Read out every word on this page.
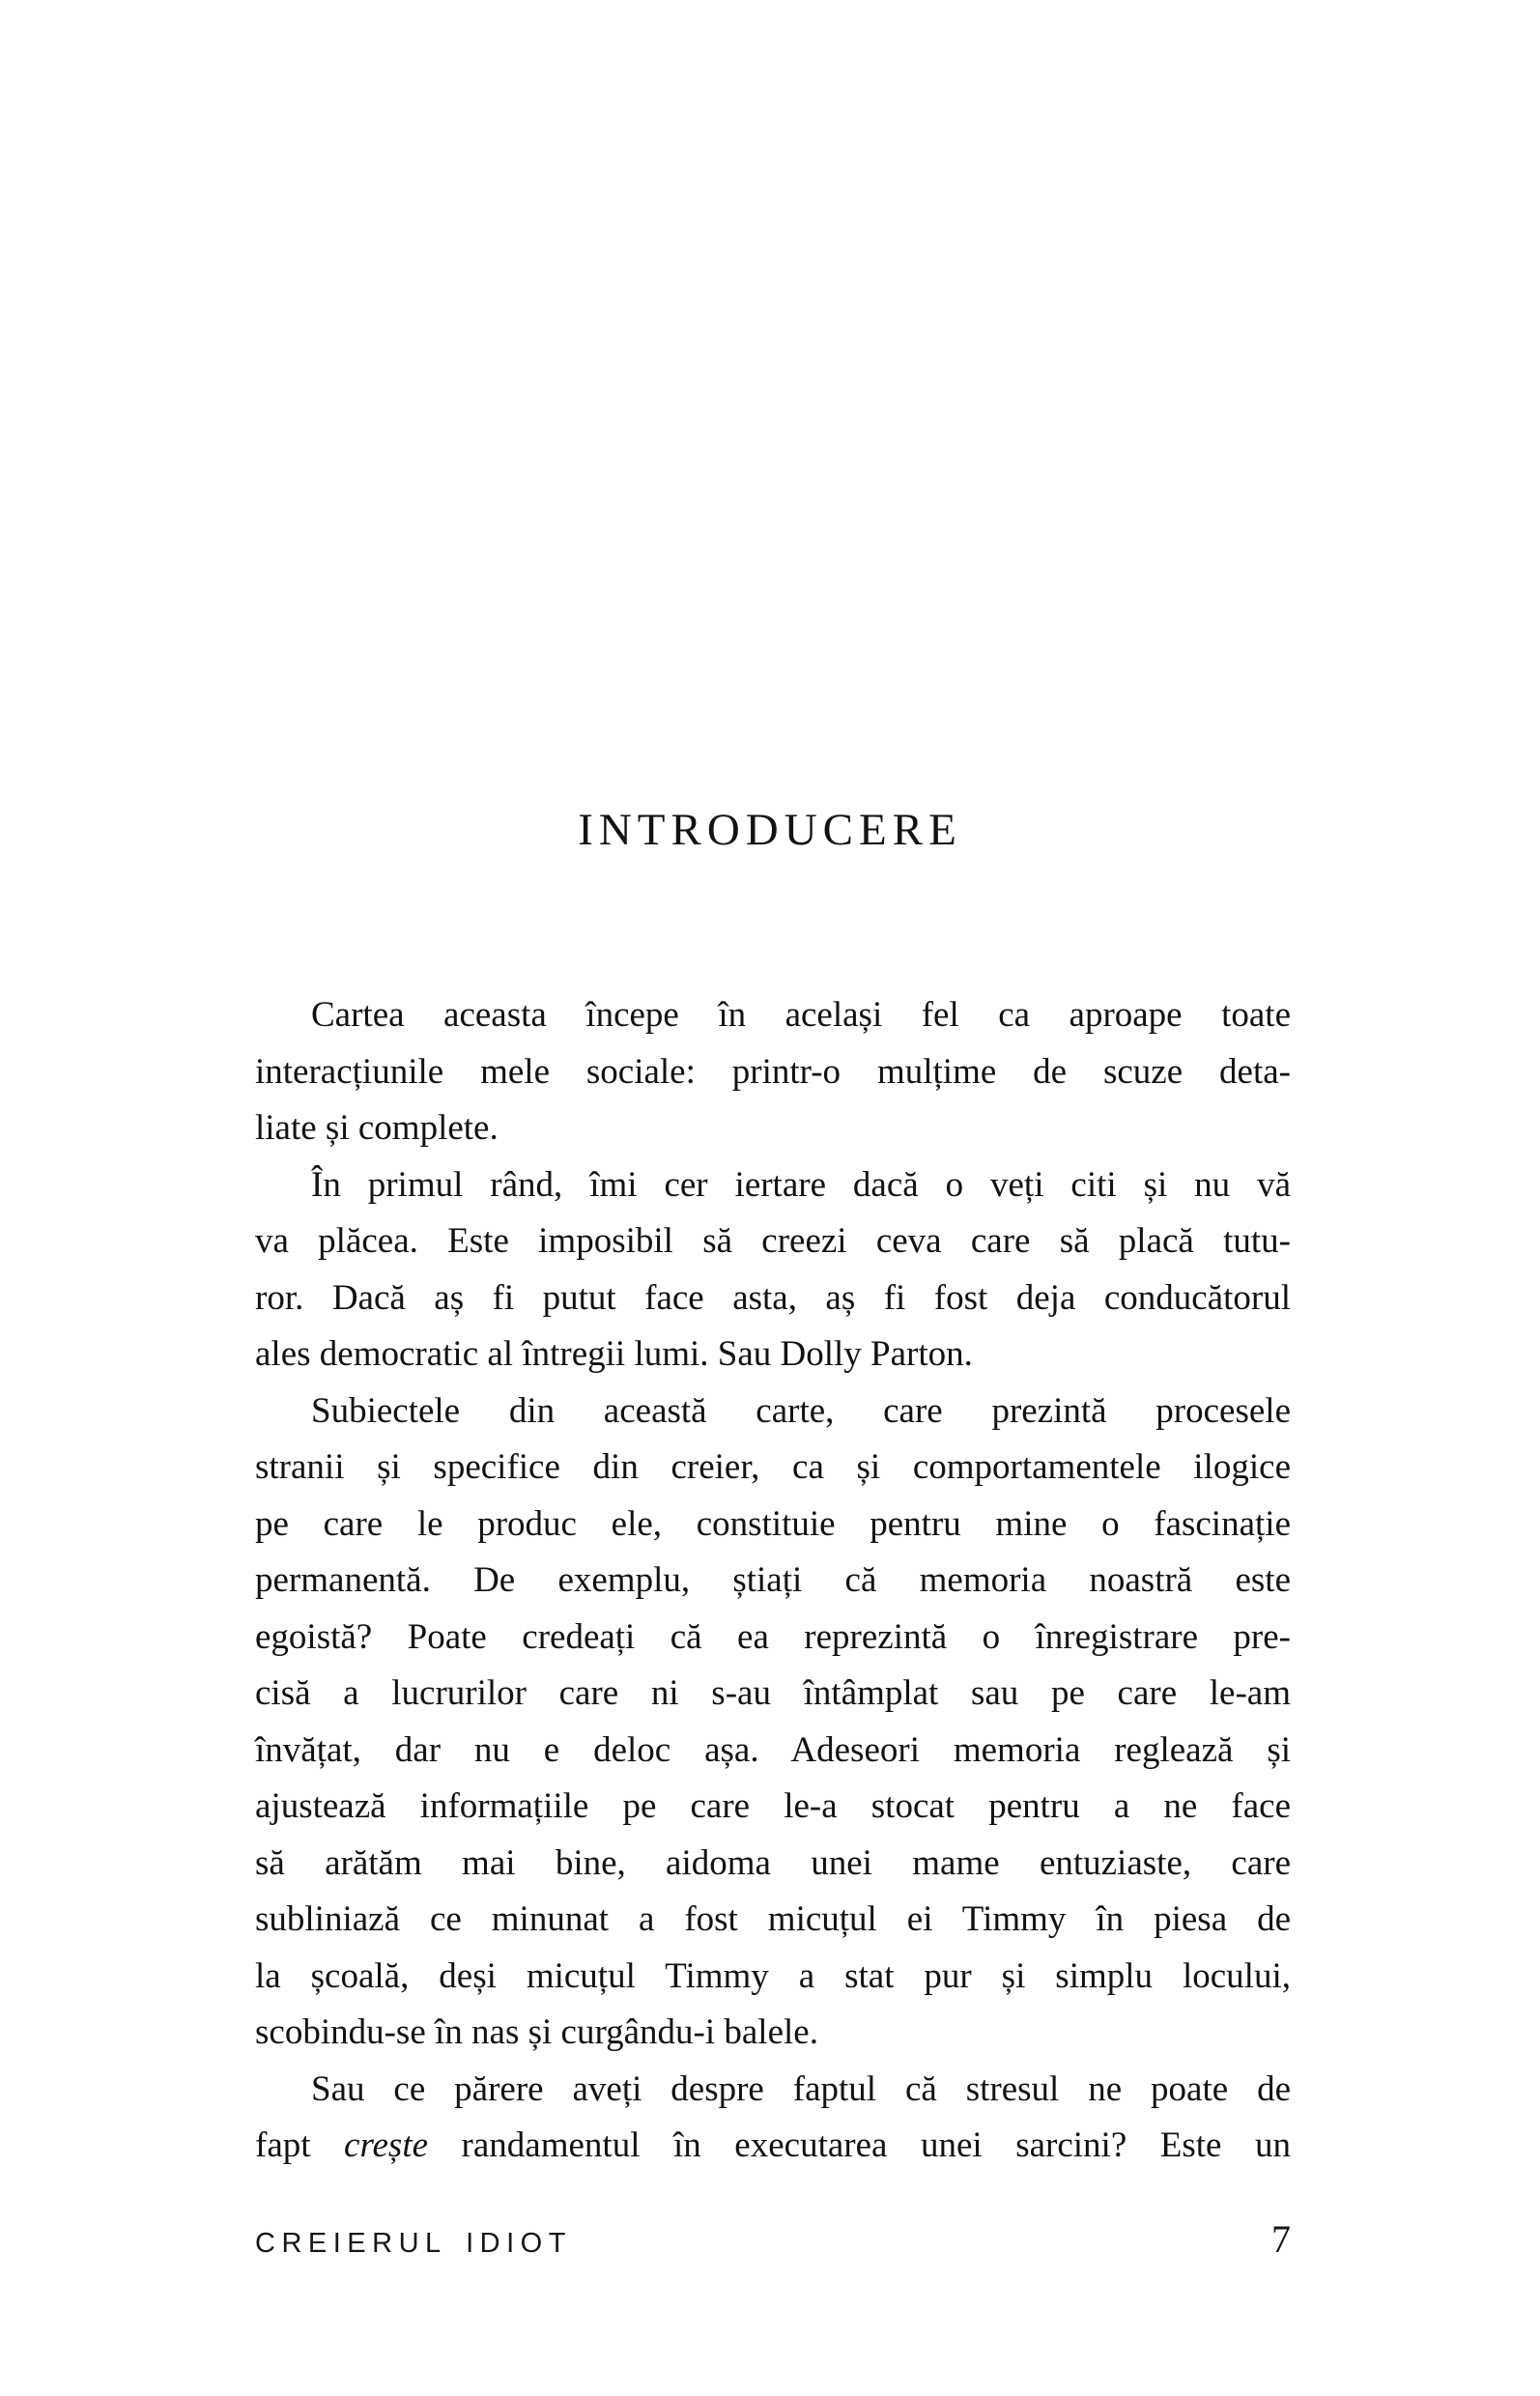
INTRODUCERE
Cartea aceasta începe în același fel ca aproape toate
interacțiunile mele sociale: printr-o mulțime de scuze deta-
liate și complete.
În primul rând, îmi cer iertare dacă o veți citi și nu vă
va plăcea. Este imposibil să creezi ceva care să placă tutu-
ror. Dacă aș fi putut face asta, aș fi fost deja conducătorul
ales democratic al întregii lumi. Sau Dolly Parton.
Subiectele din această carte, care prezintă procesele
stranii și specifice din creier, ca și comportamentele ilogice
pe care le produc ele, constituie pentru mine o fascinație
permanentă. De exemplu, știați că memoria noastră este
egoistă? Poate credeați că ea reprezintă o înregistrare pre-
cisă a lucrurilor care ni s-au întâmplat sau pe care le-am
învățat, dar nu e deloc așa. Adeseori memoria reglează și
ajustează informațiile pe care le-a stocat pentru a ne face
să arătăm mai bine, aidoma unei mame entuziaste, care
subliniază ce minunat a fost micuțul ei Timmy în piesa de
la școală, deși micuțul Timmy a stat pur și simplu locului,
scobindu-se în nas și curgându-i balele.
Sau ce părere aveți despre faptul că stresul ne poate de
fapt crește randamentul în executarea unei sarcini? Este un
CREIERUL IDIOT	7
